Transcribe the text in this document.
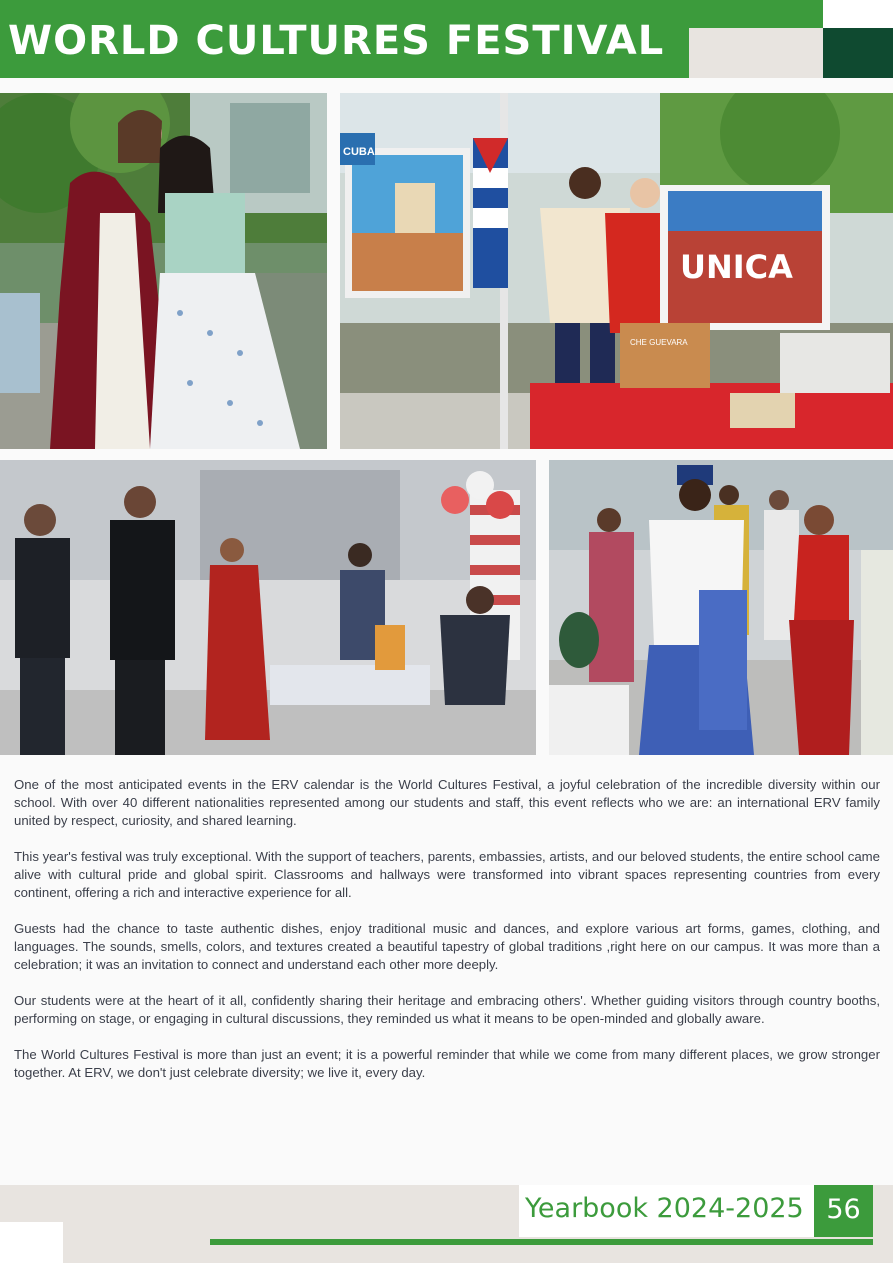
WORLD CULTURES FESTIVAL
CUBA
UNICA
CHE GUEVARA

One of the most anticipated events in the ERV calendar is the World Cultures Festival, a joyful celebration of the incredible diversity within our school. With over 40 different nationalities represented among our students and staff, this event reflects who we are: an international ERV family united by respect, curiosity, and shared learning.

This year's festival was truly exceptional. With the support of teachers, parents, embassies, artists, and our beloved students, the entire school came alive with cultural pride and global spirit. Classrooms and hallways were transformed into vibrant spaces representing countries from every continent, offering a rich and interactive experience for all.

Guests had the chance to taste authentic dishes, enjoy traditional music and dances, and explore various art forms, games, clothing, and languages. The sounds, smells, colors, and textures created a beautiful tapestry of global traditions ,right here on our campus. It was more than a celebration; it was an invitation to connect and understand each other more deeply.

Our students were at the heart of it all, confidently sharing their heritage and embracing others'. Whether guiding visitors through country booths, performing on stage, or engaging in cultural discussions, they reminded us what it means to be open-minded and globally aware.

The World Cultures Festival is more than just an event; it is a powerful reminder that while we come from many different places, we grow stronger together. At ERV, we don't just celebrate diversity; we live it, every day.

Yearbook 2024-2025 56
